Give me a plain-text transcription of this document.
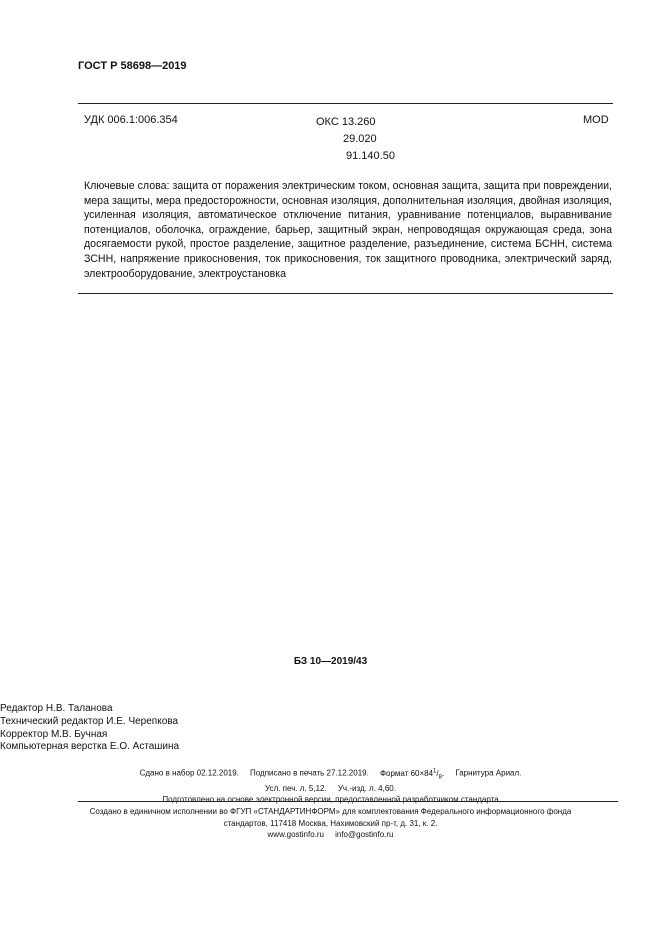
ГОСТ Р 58698—2019
УДК 006.1:006.354	ОКС 13.260
29.020
91.140.50
MOD
Ключевые слова: защита от поражения электрическим током, основная защита, защита при повреждении, мера защиты, мера предосторожности, основная изоляция, дополнительная изоляция, двойная изоляция, усиленная изоляция, автоматическое отключение питания, уравнивание потенциалов, выравнивание потенциалов, оболочка, ограждение, барьер, защитный экран, непроводящая окружающая среда, зона досягаемости рукой, простое разделение, защитное разделение, разъединение, система БСНН, система ЗСНН, напряжение прикосновения, ток прикосновения, ток защитного проводника, электрический заряд, электрооборудование, электроустановка
БЗ 10—2019/43
Редактор Н.В. Таланова
Технический редактор И.Е. Черепкова
Корректор М.В. Бучная
Компьютерная верстка Е.О. Асташина
Сдано в набор 02.12.2019. Подписано в печать 27.12.2019. Формат $60\times 84^1/_8$. Гарнитура Ариал.
Усл. печ. л. 5,12. Уч.-изд. л. 4,60.
Подготовлено на основе электронной версии, предоставленной разработчиком стандарта
Создано в единичном исполнении во ФГУП «СТАНДАРТИНФОРМ» для комплектования Федерального информационного фонда
стандартов, 117418 Москва, Нахимовский пр-т, д. 31, к. 2.
www.gostinfo.ru info@gostinfo.ru
